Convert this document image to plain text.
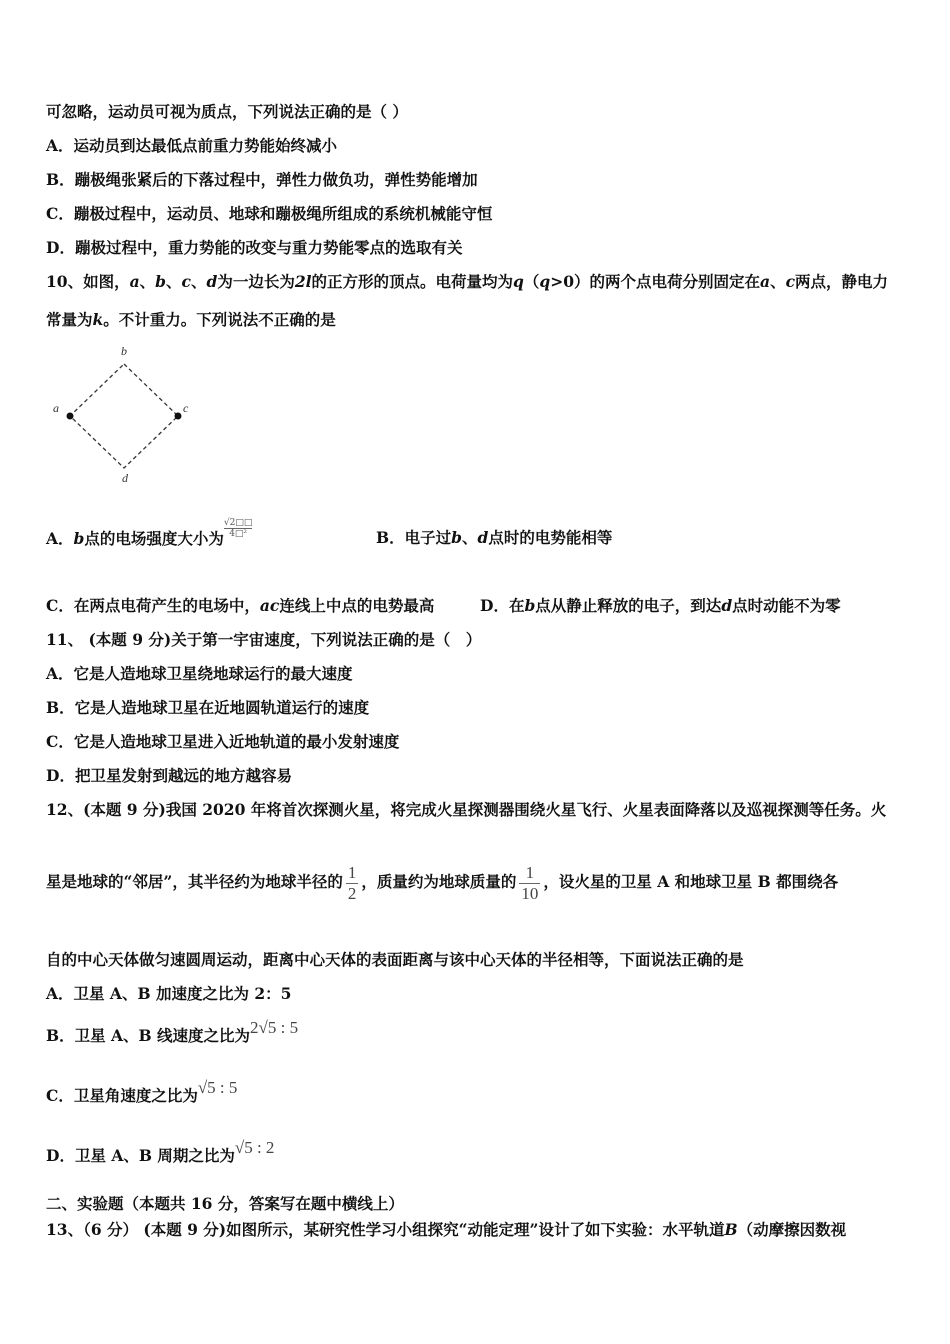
可忽略，运动员可视为质点，下列说法正确的是（ ）
A．运动员到达最低点前重力势能始终减小
B．蹦极绳张紧后的下落过程中，弹性力做负功，弹性势能增加
C．蹦极过程中，运动员、地球和蹦极绳所组成的系统机械能守恒
D．蹦极过程中，重力势能的改变与重力势能零点的选取有关
10、如图，a、b、c、d为一边长为2l的正方形的顶点。电荷量均为q（q>0）的两个点电荷分别固定在a、c两点，静电力
常量为k。不计重力。下列说法不正确的是
b
a	c
d
A．b点的电场强度大小为 $\frac{√2□□}{\text{4□²}}$	B．电子过b、d点时的电势能相等
C．在两点电荷产生的电场中，ac连线上中点的电势最高	D．在b点从静止释放的电子，到达d点时动能不为零
11、 (本题 9 分)关于第一宇宙速度，下列说法正确的是（　）
A．它是人造地球卫星绕地球运行的最大速度
B．它是人造地球卫星在近地圆轨道运行的速度
C．它是人造地球卫星进入近地轨道的最小发射速度
D．把卫星发射到越远的地方越容易
12、(本题 9 分)我国 2020 年将首次探测火星，将完成火星探测器围绕火星飞行、火星表面降落以及巡视探测等任务。火
星是地球的“邻居”，其半径约为地球半径的 $\frac{1}{2}$ ，质量约为地球质量的 $\frac{1}{10}$ ，设火星的卫星 A 和地球卫星 B 都围绕各
自的中心天体做匀速圆周运动，距离中心天体的表面距离与该中心天体的半径相等，下面说法正确的是
A．卫星 A、B 加速度之比为 2：5
B．卫星 A、B 线速度之比为2√5 : 5
C．卫星角速度之比为√5 : 5
D．卫星 A、B 周期之比为√5 : 2
二、实验题（本题共 16 分，答案写在题中横线上）
13、（6 分） (本题 9 分)如图所示，某研究性学习小组探究“动能定理”设计了如下实验：水平轨道B（动摩擦因数视
